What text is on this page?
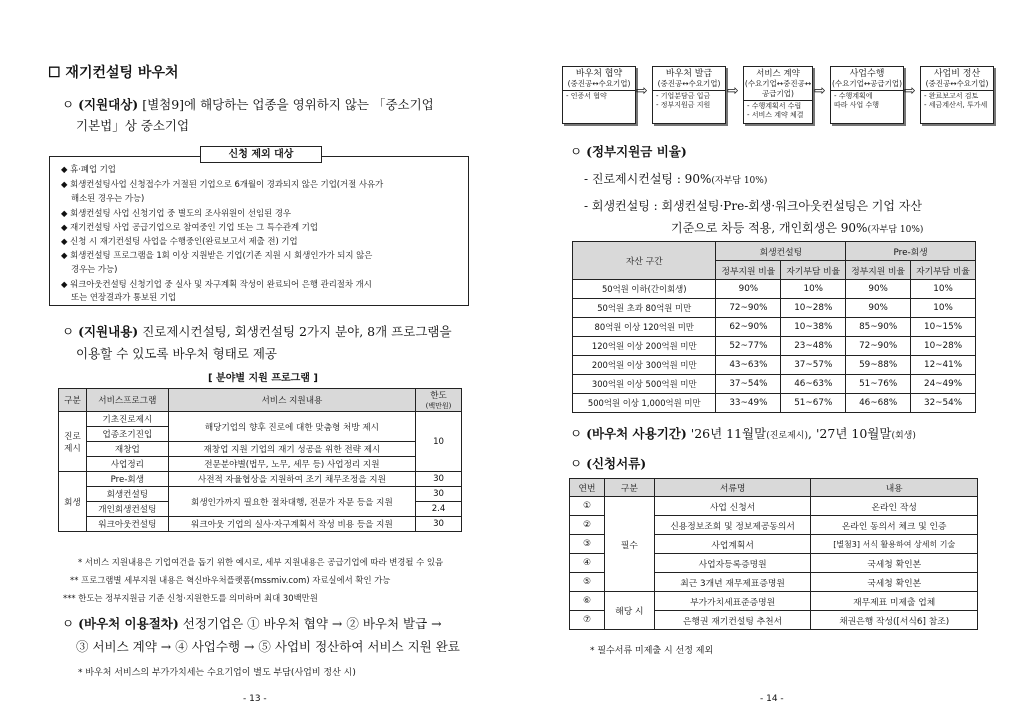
☐ 재기컨설팅 바우처
ㅇ (지원대상) [별첨9]에 해당하는 업종을 영위하지 않는 「중소기업
기본법」상 중소기업
신청 제외 대상
◆ 휴·폐업 기업
◆ 회생컨설팅사업 신청접수가 거절된 기업으로 6개월이 경과되지 않은 기업(거절 사유가
해소된 경우는 가능)
◆ 회생컨설팅 사업 신청기업 중 별도의 조사위원이 선임된 경우
◆ 재기컨설팅 사업 공급기업으로 참여중인 기업 또는 그 특수관계 기업
◆ 신청 시 재기컨설팅 사업을 수행중인(완료보고서 제출 전) 기업
◆ 회생컨설팅 프로그램을 1회 이상 지원받은 기업(기존 지원 시 회생인가가 되지 않은
경우는 가능)
◆ 워크아웃컨설팅 신청기업 중 실사 및 자구계획 작성이 완료되어 은행 관리절차 개시
또는 연장결과가 통보된 기업
ㅇ (지원내용) 진로제시컨설팅, 회생컨설팅 2가지 분야, 8개 프로그램을
이용할 수 있도록 바우처 형태로 제공
[ 분야별 지원 프로그램 ]
구분	서비스프로그램	서비스 지원내용	한도
(백만원)
진로
제시	기초진로제시	해당기업의 향후 진로에 대한 맞춤형 처방 제시	10
	업종조기진입		
	재창업	재창업 지원 기업의 재기 성공을 위한 전략 제시	
	사업정리	전문분야별(법무, 노무, 세무 등) 사업정리 지원	
회생	Pre-회생	사전적 자율협상을 지원하여 조기 채무조정을 지원	30
	회생컨설팅	회생인가까지 필요한 절차대행, 전문가 자문 등을 지원	30
	개인회생컨설팅		2.4
	워크아웃컨설팅	워크아웃 기업의 실사·자구계획서 작성 비용 등을 지원	30
* 서비스 지원내용은 기업여건을 돕기 위한 예시로, 세부 지원내용은 공급기업에 따라 변경될 수 있음
** 프로그램별 세부지원 내용은 혁신바우처플랫폼(mssmiv.com) 자료실에서 확인 가능
*** 한도는 정부지원금 기준 신청·지원한도를 의미하며 최대 30백만원
ㅇ (바우처 이용절차) 선정기업은 ① 바우처 협약 → ② 바우처 발급 →
③ 서비스 계약 → ④ 사업수행 → ⑤ 사업비 정산하여 서비스 지원 완료
* 바우처 서비스의 부가가치세는 수요기업이 별도 부담(사업비 정산 시)
- 13 -
바우처 협약
(중진공↔수요기업)
- 인증서 협약	⇨
바우처 발급
(중진공↔수요기업)
- 기업분담금 입금
- 정부지원금 지원
⇨
서비스 계약
(수요기업↔중진공↔공급기업)
- 수행계획서 수립
- 서비스 계약 체결
⇨
사업수행
(수요기업↔공급기업)
- 수행계획에
따라 사업 수행
⇨
사업비 정산
(중진공↔수요기업)
- 완료보고서 검토
- 세금계산서, 투가세
ㅇ (정부지원금 비율)
- 진로제시컨설팅 : 90%(자부담 10%)
- 회생컨설팅 : 회생컨설팅·Pre-회생·워크아웃컨설팅은 기업 자산
기준으로 차등 적용, 개인회생은 90%(자부담 10%)
자산 구간	회생컨설팅		Pre-회생	
	정부지원 비율	자기부담 비율	정부지원 비율	자기부담 비율
50억원 이하(간이회생)	90%	10%	90%	10%
50억원 초과 80억원 미만	72~90%	10~28%	90%	10%
80억원 이상 120억원 미만	62~90%	10~38%	85~90%	10~15%
120억원 이상 200억원 미만	52~77%	23~48%	72~90%	10~28%
200억원 이상 300억원 미만	43~63%	37~57%	59~88%	12~41%
300억원 이상 500억원 미만	37~54%	46~63%	51~76%	24~49%
500억원 이상 1,000억원 미만	33~49%	51~67%	46~68%	32~54%
ㅇ (바우처 사용기간) '26년 11월말(진로제시), '27년 10월말(회생)
ㅇ (신청서류)
연번	구분	서류명	내용
①	필수	사업 신청서	온라인 작성
②		신용정보조회 및 정보제공동의서	온라인 동의서 체크 및 인증
③		사업계획서	[별첨3] 서식 활용하여 상세히 기술
④		사업자등록증명원	국세청 확인본
⑤		최근 3개년 재무제표증명원	국세청 확인본
⑥	해당 시	부가가치세표준증명원	재무제표 미제출 업체
⑦		은행권 재기컨설팅 추천서	채권은행 작성([서식6] 참조)
* 필수서류 미제출 시 선정 제외
- 14 -
